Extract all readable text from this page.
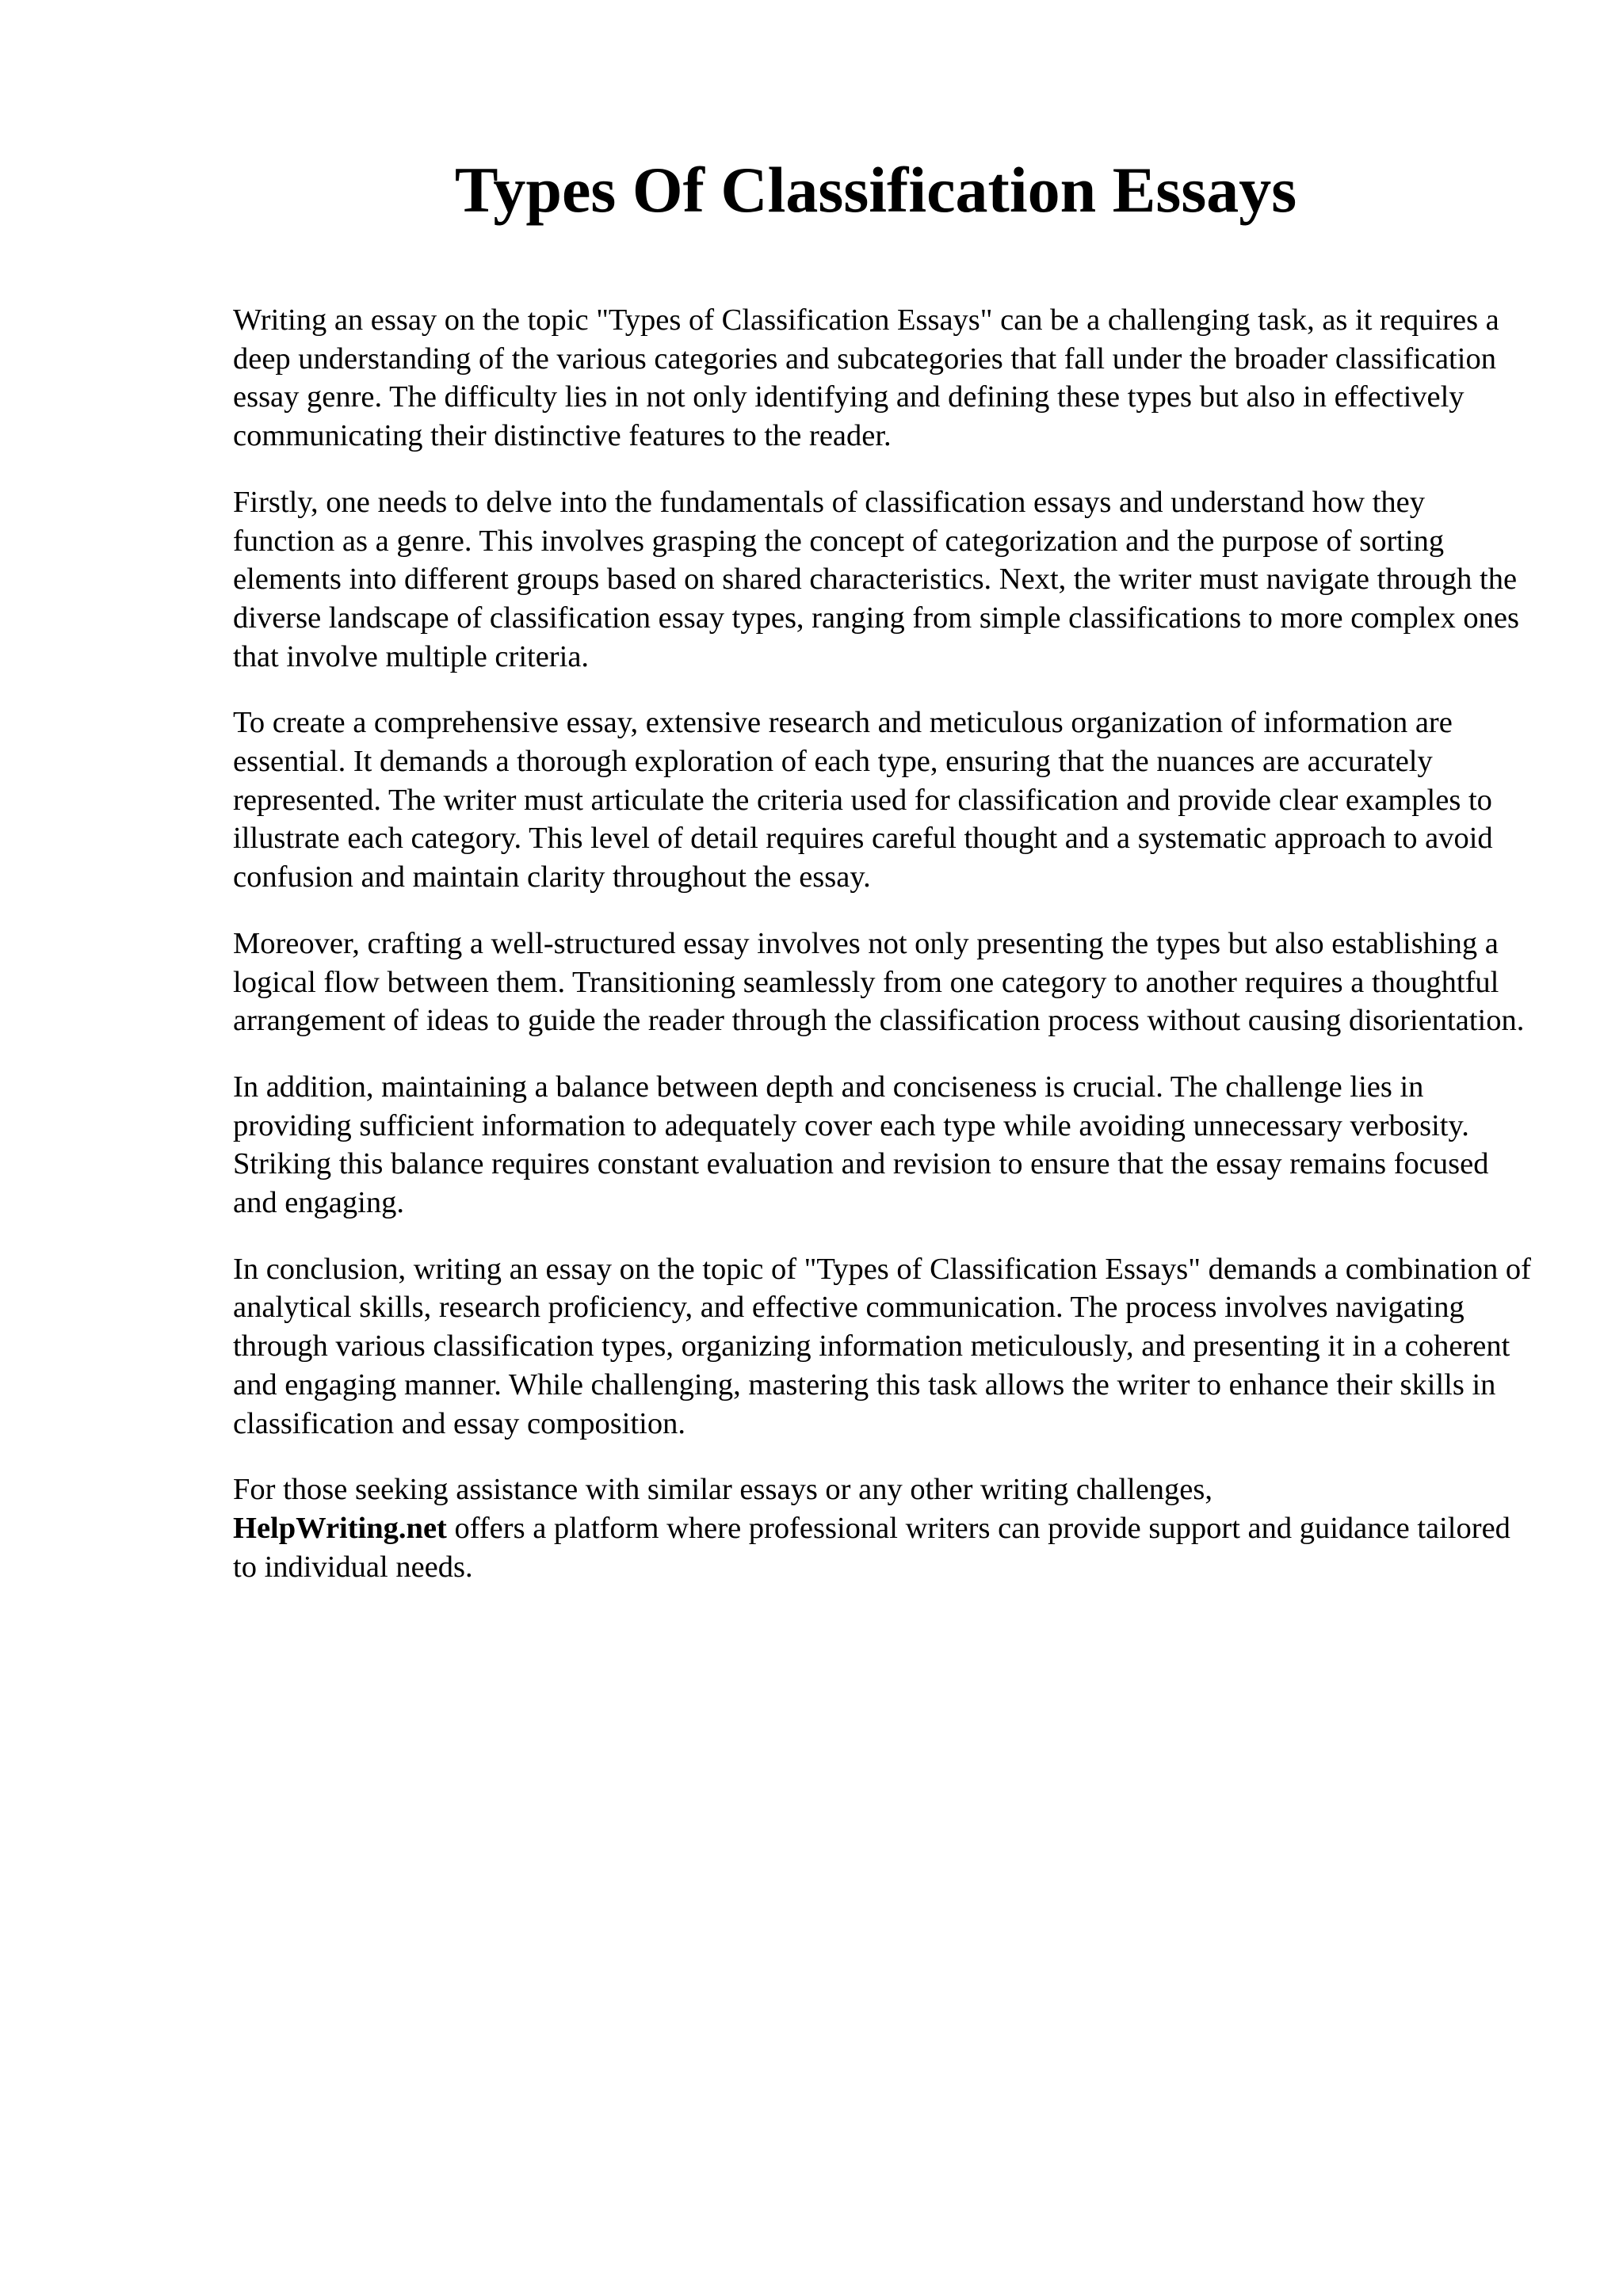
Types Of Classification Essays

Writing an essay on the topic "Types of Classification Essays" can be a challenging task, as it requires a deep understanding of the various categories and subcategories that fall under the broader classification essay genre. The difficulty lies in not only identifying and defining these types but also in effectively communicating their distinctive features to the reader.

Firstly, one needs to delve into the fundamentals of classification essays and understand how they function as a genre. This involves grasping the concept of categorization and the purpose of sorting elements into different groups based on shared characteristics. Next, the writer must navigate through the diverse landscape of classification essay types, ranging from simple classifications to more complex ones that involve multiple criteria.

To create a comprehensive essay, extensive research and meticulous organization of information are essential. It demands a thorough exploration of each type, ensuring that the nuances are accurately represented. The writer must articulate the criteria used for classification and provide clear examples to illustrate each category. This level of detail requires careful thought and a systematic approach to avoid confusion and maintain clarity throughout the essay.

Moreover, crafting a well-structured essay involves not only presenting the types but also establishing a logical flow between them. Transitioning seamlessly from one category to another requires a thoughtful arrangement of ideas to guide the reader through the classification process without causing disorientation.

In addition, maintaining a balance between depth and conciseness is crucial. The challenge lies in providing sufficient information to adequately cover each type while avoiding unnecessary verbosity. Striking this balance requires constant evaluation and revision to ensure that the essay remains focused and engaging.

In conclusion, writing an essay on the topic of "Types of Classification Essays" demands a combination of analytical skills, research proficiency, and effective communication. The process involves navigating through various classification types, organizing information meticulously, and presenting it in a coherent and engaging manner. While challenging, mastering this task allows the writer to enhance their skills in classification and essay composition.

For those seeking assistance with similar essays or any other writing challenges,
HelpWriting.net offers a platform where professional writers can provide support and guidance tailored to individual needs.
